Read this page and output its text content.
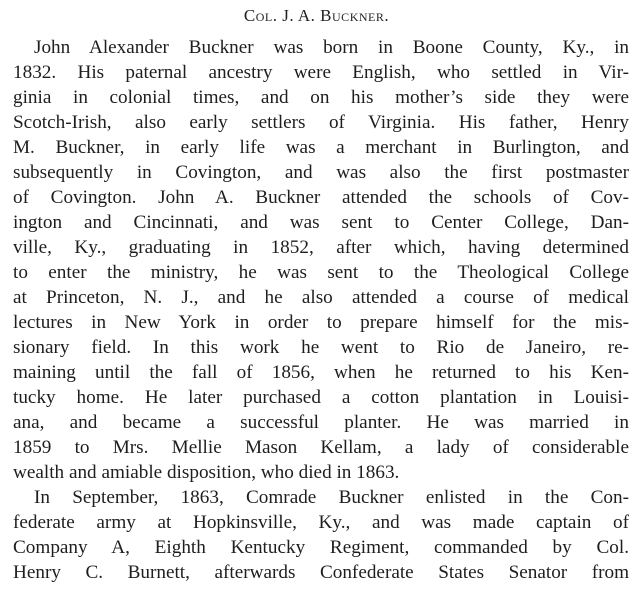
Col. J. A. Buckner.
John Alexander Buckner was born in Boone County, Ky., in
1832. His paternal ancestry were English, who settled in Vir-
ginia in colonial times, and on his mother’s side they were
Scotch-Irish, also early settlers of Virginia. His father, Henry
M. Buckner, in early life was a merchant in Burlington, and
subsequently in Covington, and was also the first postmaster
of Covington. John A. Buckner attended the schools of Cov-
ington and Cincinnati, and was sent to Center College, Dan-
ville, Ky., graduating in 1852, after which, having determined
to enter the ministry, he was sent to the Theological College
at Princeton, N. J., and he also attended a course of medical
lectures in New York in order to prepare himself for the mis-
sionary field. In this work he went to Rio de Janeiro, re-
maining until the fall of 1856, when he returned to his Ken-
tucky home. He later purchased a cotton plantation in Louisi-
ana, and became a successful planter. He was married in
1859 to Mrs. Mellie Mason Kellam, a lady of considerable
wealth and amiable disposition, who died in 1863.
In September, 1863, Comrade Buckner enlisted in the Con-
federate army at Hopkinsville, Ky., and was made captain of
Company A, Eighth Kentucky Regiment, commanded by Col.
Henry C. Burnett, afterwards Confederate States Senator from
